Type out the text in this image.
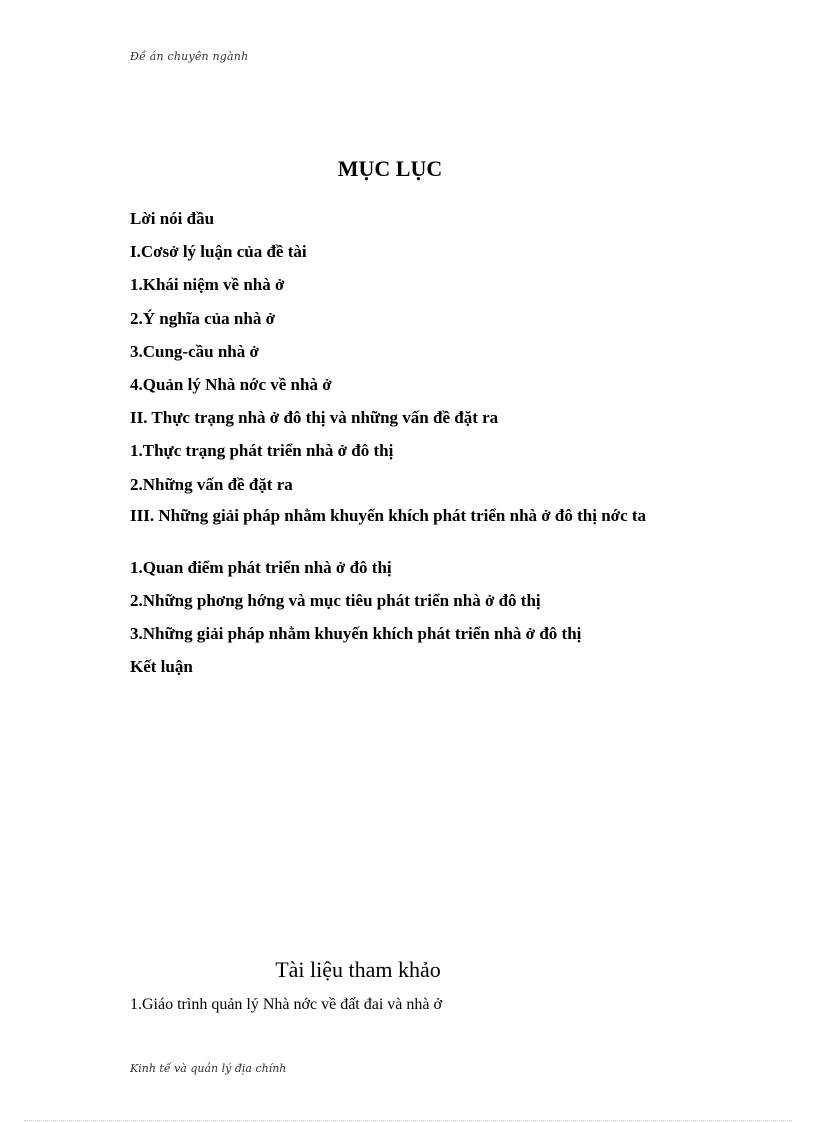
Đề án chuyên ngành
MỤC LỤC
Lời nói đầu
I.Cơsở lý luận của đề tài
1.Khái niệm về nhà ở
2.Ý nghĩa của nhà ở
3.Cung-cầu nhà ở
4.Quản lý Nhà nớc về nhà ở
II. Thực trạng nhà ở đô thị và những vấn đề đặt ra
1.Thực trạng phát triển nhà ở đô thị
2.Những vấn đề đặt ra
III. Những giải pháp nhằm khuyến khích phát triển nhà ở đô thị nớc ta
1.Quan điểm phát triển nhà ở đô thị
2.Những phơng hớng và mục tiêu phát triển nhà ở đô thị
3.Những giải pháp nhằm khuyến khích phát triển nhà ở đô thị
Kết luận
Tài liệu tham khảo
1.Giáo trình quản lý Nhà nớc về đất đai và nhà ở
Kinh tế và quản lý địa chính
